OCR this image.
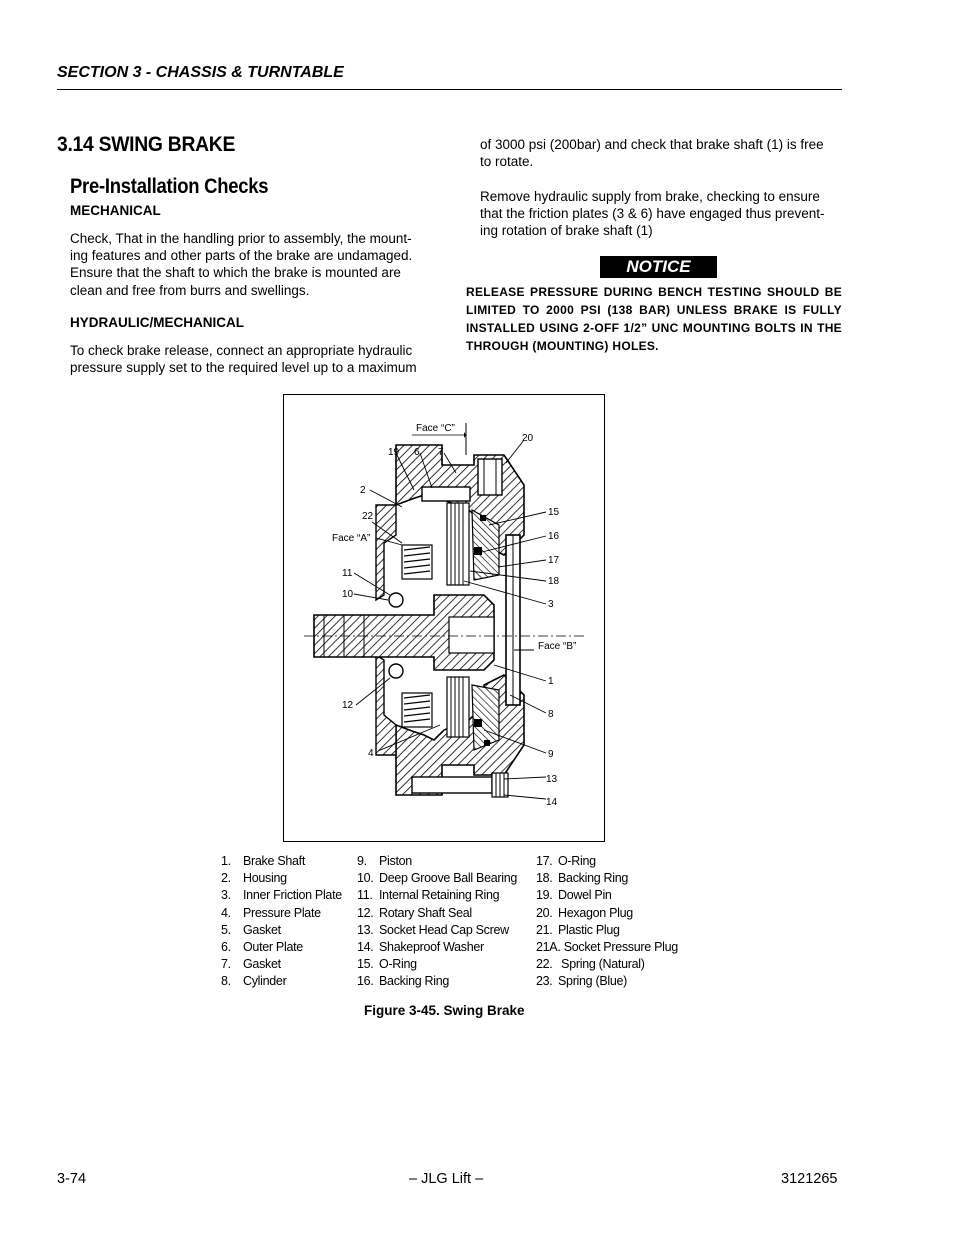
SECTION 3 - CHASSIS & TURNTABLE
3.14 SWING BRAKE
Pre-Installation Checks
MECHANICAL
Check, That in the handling prior to assembly, the mount-
ing features and other parts of the brake are undamaged.
Ensure that the shaft to which the brake is mounted are
clean and free from burrs and swellings.
HYDRAULIC/MECHANICAL
To check brake release, connect an appropriate hydraulic
pressure supply set to the required level up to a maximum
of 3000 psi (200bar) and check that brake shaft (1) is free
to rotate.
Remove hydraulic supply from brake, checking to ensure
that the friction plates (3 & 6) have engaged thus prevent-
ing rotation of brake shaft (1)
NOTICE
RELEASE PRESSURE DURING BENCH TESTING SHOULD BE LIMITED TO 2000 PSI (138 BAR) UNLESS BRAKE IS FULLY INSTALLED USING 2-OFF 1/2” UNC MOUNTING BOLTS IN THE THROUGH (MOUNTING) HOLES.
Face “C”
20
19 6 7
2
22
Face “A”
15
16
17
18
3
11
10
Face “B”
1
12
8
4	9
13
14
1. Brake Shaft
2. Housing
3. Inner Friction Plate
4. Pressure Plate
5. Gasket
6. Outer Plate
7. Gasket
8. Cylinder
9. Piston
10. Deep Groove Ball Bearing
11. Internal Retaining Ring
12. Rotary Shaft Seal
13. Socket Head Cap Screw
14. Shakeproof Washer
15. O-Ring
16. Backing Ring
17. O-Ring
18. Backing Ring
19. Dowel Pin
20. Hexagon Plug
21. Plastic Plug
21A. Socket Pressure Plug
22. Spring (Natural)
23. Spring (Blue)
Figure 3-45. Swing Brake
3-74	– JLG Lift –	3121265
